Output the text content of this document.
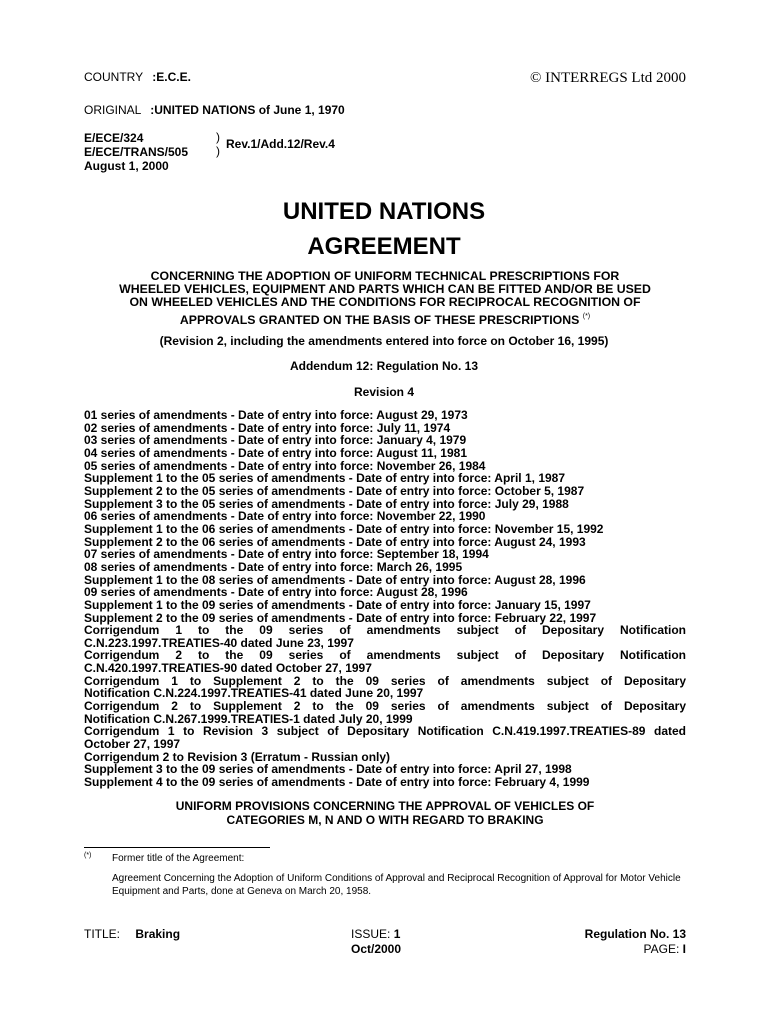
COUNTRY :E.C.E.	© INTERREGS Ltd 2000
ORIGINAL :UNITED NATIONS of June 1, 1970
E/ECE/324
E/ECE/TRANS/505
August 1, 2000
)
) Rev.1/Add.12/Rev.4
UNITED NATIONS
AGREEMENT
CONCERNING THE ADOPTION OF UNIFORM TECHNICAL PRESCRIPTIONS FOR
WHEELED VEHICLES, EQUIPMENT AND PARTS WHICH CAN BE FITTED AND/OR BE USED
ON WHEELED VEHICLES AND THE CONDITIONS FOR RECIPROCAL RECOGNITION OF
APPROVALS GRANTED ON THE BASIS OF THESE PRESCRIPTIONS (*)
(Revision 2, including the amendments entered into force on October 16, 1995)
Addendum 12: Regulation No. 13
Revision 4
01 series of amendments - Date of entry into force: August 29, 1973
02 series of amendments - Date of entry into force: July 11, 1974
03 series of amendments - Date of entry into force: January 4, 1979
04 series of amendments - Date of entry into force: August 11, 1981
05 series of amendments - Date of entry into force: November 26, 1984
Supplement 1 to the 05 series of amendments - Date of entry into force: April 1, 1987
Supplement 2 to the 05 series of amendments - Date of entry into force: October 5, 1987
Supplement 3 to the 05 series of amendments - Date of entry into force: July 29, 1988
06 series of amendments - Date of entry into force: November 22, 1990
Supplement 1 to the 06 series of amendments - Date of entry into force: November 15, 1992
Supplement 2 to the 06 series of amendments - Date of entry into force: August 24, 1993
07 series of amendments - Date of entry into force: September 18, 1994
08 series of amendments - Date of entry into force: March 26, 1995
Supplement 1 to the 08 series of amendments - Date of entry into force: August 28, 1996
09 series of amendments - Date of entry into force: August 28, 1996
Supplement 1 to the 09 series of amendments - Date of entry into force: January 15, 1997
Supplement 2 to the 09 series of amendments - Date of entry into force: February 22, 1997
Corrigendum 1 to the 09 series of amendments subject of Depositary Notification
C.N.223.1997.TREATIES-40 dated June 23, 1997
Corrigendum 2 to the 09 series of amendments subject of Depositary Notification
C.N.420.1997.TREATIES-90 dated October 27, 1997
Corrigendum 1 to Supplement 2 to the 09 series of amendments subject of Depositary
Notification C.N.224.1997.TREATIES-41 dated June 20, 1997
Corrigendum 2 to Supplement 2 to the 09 series of amendments subject of Depositary
Notification C.N.267.1999.TREATIES-1 dated July 20, 1999
Corrigendum 1 to Revision 3 subject of Depositary Notification C.N.419.1997.TREATIES-89 dated
October 27, 1997
Corrigendum 2 to Revision 3 (Erratum - Russian only)
Supplement 3 to the 09 series of amendments - Date of entry into force: April 27, 1998
Supplement 4 to the 09 series of amendments - Date of entry into force: February 4, 1999
UNIFORM PROVISIONS CONCERNING THE APPROVAL OF VEHICLES OF
CATEGORIES M, N AND O WITH REGARD TO BRAKING
(*) Former title of the Agreement:
Agreement Concerning the Adoption of Uniform Conditions of Approval and Reciprocal Recognition of Approval for Motor Vehicle Equipment and Parts, done at Geneva on March 20, 1958.
TITLE: Braking	ISSUE: 1
Oct/2000
Regulation No. 13
PAGE: I
